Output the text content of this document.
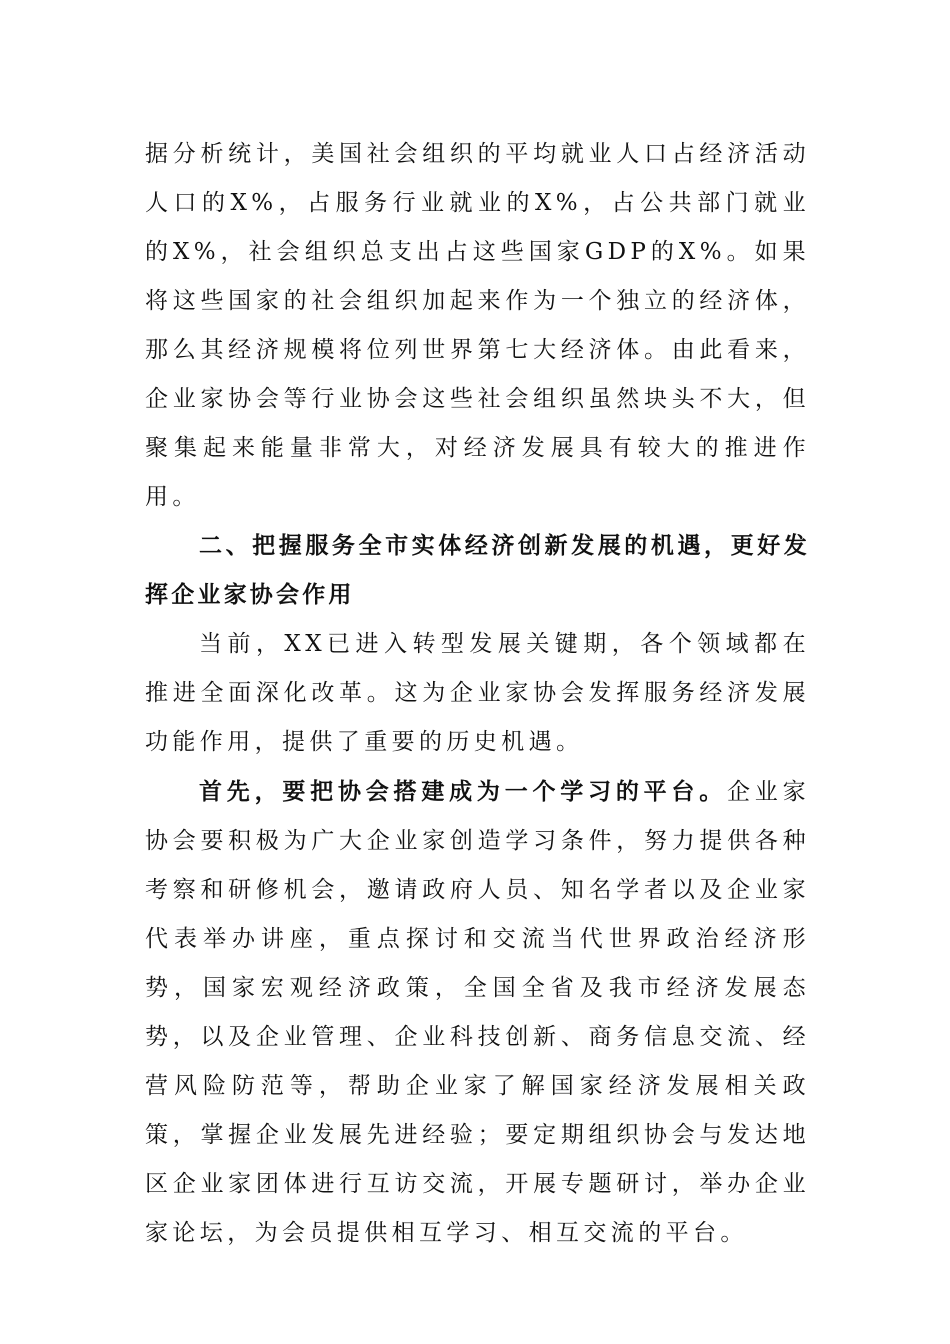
据分析统计，美国社会组织的平均就业人口占经济活动人口的X%，占服务行业就业的X%，占公共部门就业的X%，社会组织总支出占这些国家GDP的X%。如果将这些国家的社会组织加起来作为一个独立的经济体，那么其经济规模将位列世界第七大经济体。由此看来，企业家协会等行业协会这些社会组织虽然块头不大，但聚集起来能量非常大，对经济发展具有较大的推进作用。

二、把握服务全市实体经济创新发展的机遇，更好发挥企业家协会作用

当前，XX已进入转型发展关键期，各个领域都在推进全面深化改革。这为企业家协会发挥服务经济发展功能作用，提供了重要的历史机遇。

首先，要把协会搭建成为一个学习的平台。企业家协会要积极为广大企业家创造学习条件，努力提供各种考察和研修机会，邀请政府人员、知名学者以及企业家代表举办讲座，重点探讨和交流当代世界政治经济形势，国家宏观经济政策，全国全省及我市经济发展态势，以及企业管理、企业科技创新、商务信息交流、经营风险防范等，帮助企业家了解国家经济发展相关政策，掌握企业发展先进经验；要定期组织协会与发达地区企业家团体进行互访交流，开展专题研讨，举办企业家论坛，为会员提供相互学习、相互交流的平台。
